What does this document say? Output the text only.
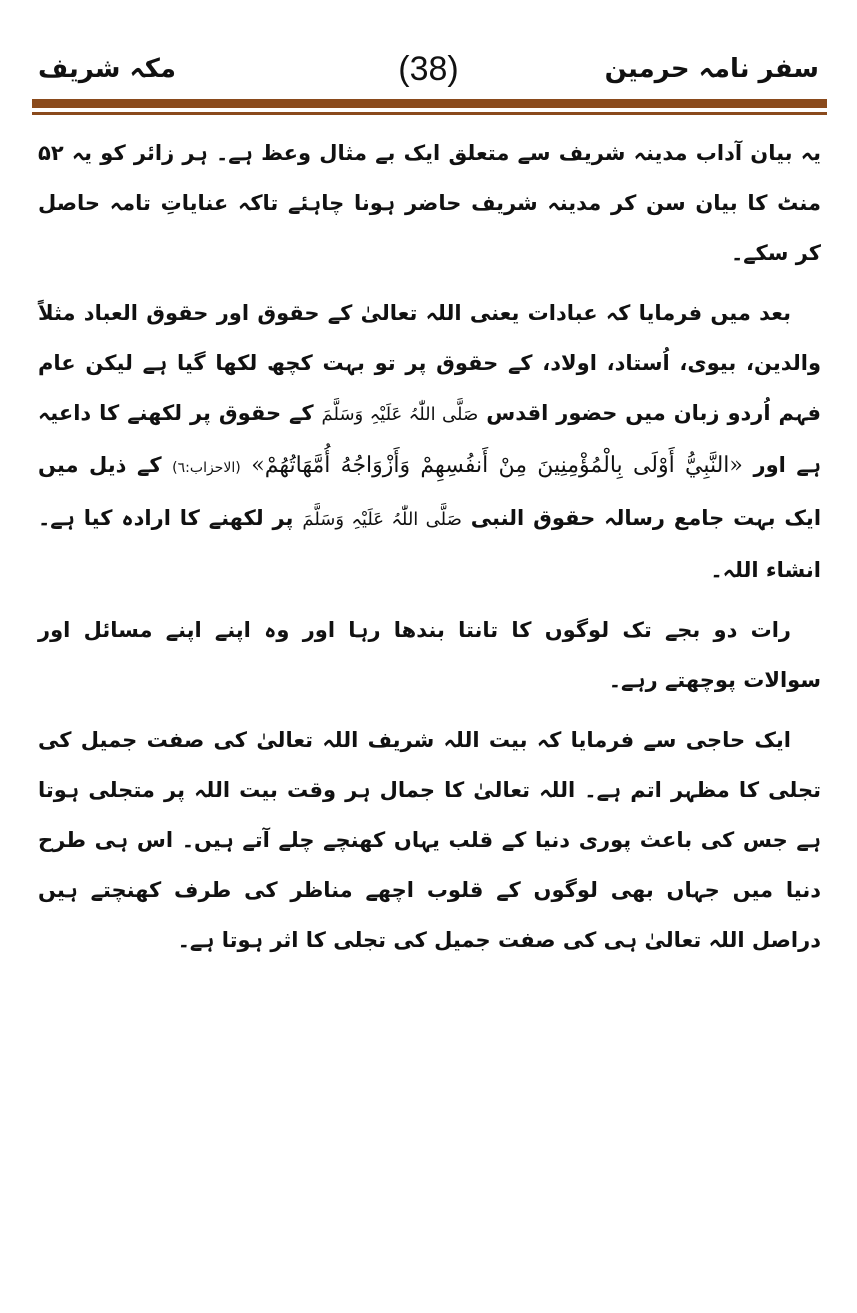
سفر نامہ حرمین
(38)
مکہ شریف

یہ بیان آداب مدینہ شریف سے متعلق ایک بے مثال وعظ ہے۔ ہر زائر کو یہ ۵۲ منٹ کا بیان سن کر مدینہ شریف حاضر ہونا چاہئے تاکہ عنایاتِ تامہ حاصل کر سکے۔

بعد میں فرمایا کہ عبادات یعنی اللہ تعالیٰ کے حقوق اور حقوق العباد مثلاً والدین، بیوی، اُستاد، اولاد، کے حقوق پر تو بہت کچھ لکھا گیا ہے لیکن عام فہم اُردو زبان میں حضور اقدس صَلَّی اللّٰہُ عَلَیْہِ وَسَلَّمَ کے حقوق پر لکھنے کا داعیہ ہے اور «النَّبِيُّ أَوْلَى بِالْمُؤْمِنِينَ مِنْ أَنفُسِهِمْ وَأَزْوَاجُهُ أُمَّهَاتُهُمْ» (الاحزاب:٦) کے ذیل میں ایک بہت جامع رسالہ حقوق النبی صَلَّی اللّٰہُ عَلَیْہِ وَسَلَّمَ پر لکھنے کا ارادہ کیا ہے۔ انشاء اللہ۔

رات دو بجے تک لوگوں کا تانتا بندھا رہا اور وہ اپنے اپنے مسائل اور سوالات پوچھتے رہے۔

ایک حاجی سے فرمایا کہ بیت اللہ شریف اللہ تعالیٰ کی صفت جمیل کی تجلی کا مظہر اتم ہے۔ اللہ تعالیٰ کا جمال ہر وقت بیت اللہ پر متجلی ہوتا ہے جس کی باعث پوری دنیا کے قلب یہاں کھنچے چلے آتے ہیں۔ اس ہی طرح دنیا میں جہاں بھی لوگوں کے قلوب اچھے مناظر کی طرف کھنچتے ہیں دراصل اللہ تعالیٰ ہی کی صفت جمیل کی تجلی کا اثر ہوتا ہے۔
